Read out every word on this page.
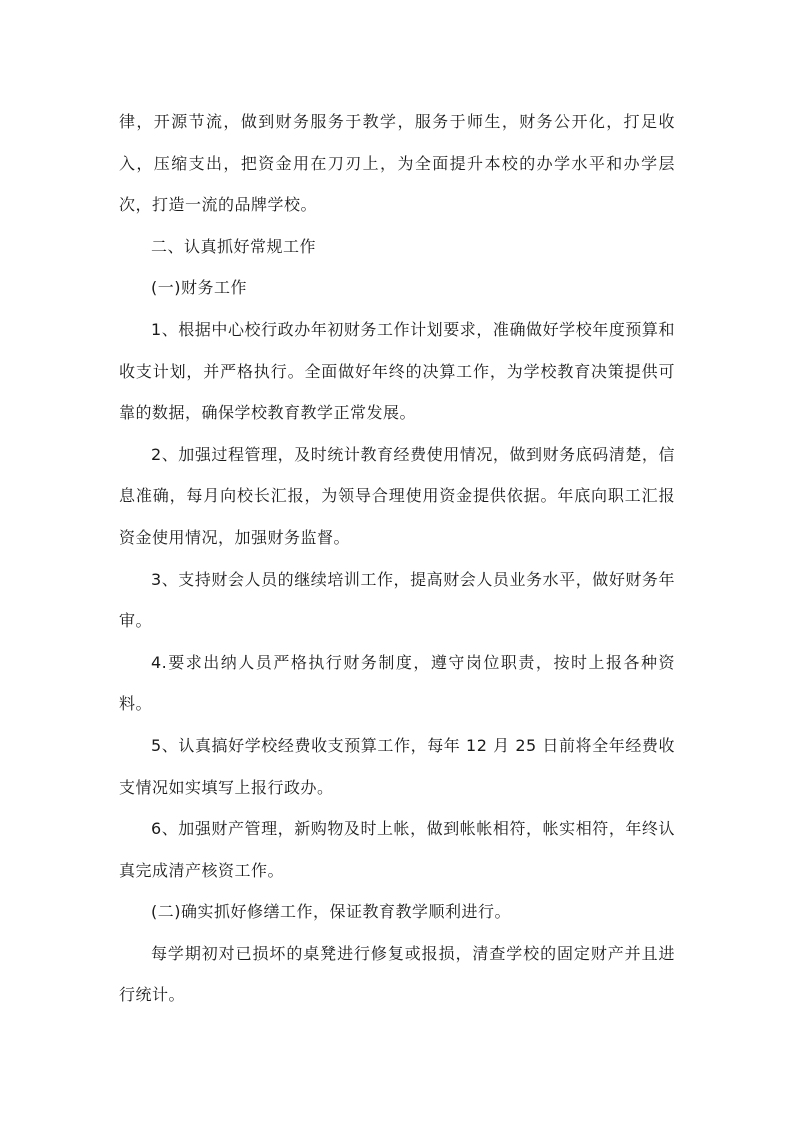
律，开源节流，做到财务服务于教学，服务于师生，财务公开化，打足收入，压缩支出，把资金用在刀刃上，为全面提升本校的办学水平和办学层次，打造一流的品牌学校。

二、认真抓好常规工作

(一)财务工作

1、根据中心校行政办年初财务工作计划要求，准确做好学校年度预算和收支计划，并严格执行。全面做好年终的决算工作，为学校教育决策提供可靠的数据，确保学校教育教学正常发展。

2、加强过程管理，及时统计教育经费使用情况，做到财务底码清楚，信息准确，每月向校长汇报，为领导合理使用资金提供依据。年底向职工汇报资金使用情况，加强财务监督。

3、支持财会人员的继续培训工作，提高财会人员业务水平，做好财务年审。

4.要求出纳人员严格执行财务制度，遵守岗位职责，按时上报各种资料。

5、认真搞好学校经费收支预算工作，每年 12 月 25 日前将全年经费收支情况如实填写上报行政办。

6、加强财产管理，新购物及时上帐，做到帐帐相符，帐实相符，年终认真完成清产核资工作。

(二)确实抓好修缮工作，保证教育教学顺利进行。

每学期初对已损坏的桌凳进行修复或报损，清查学校的固定财产并且进行统计。
